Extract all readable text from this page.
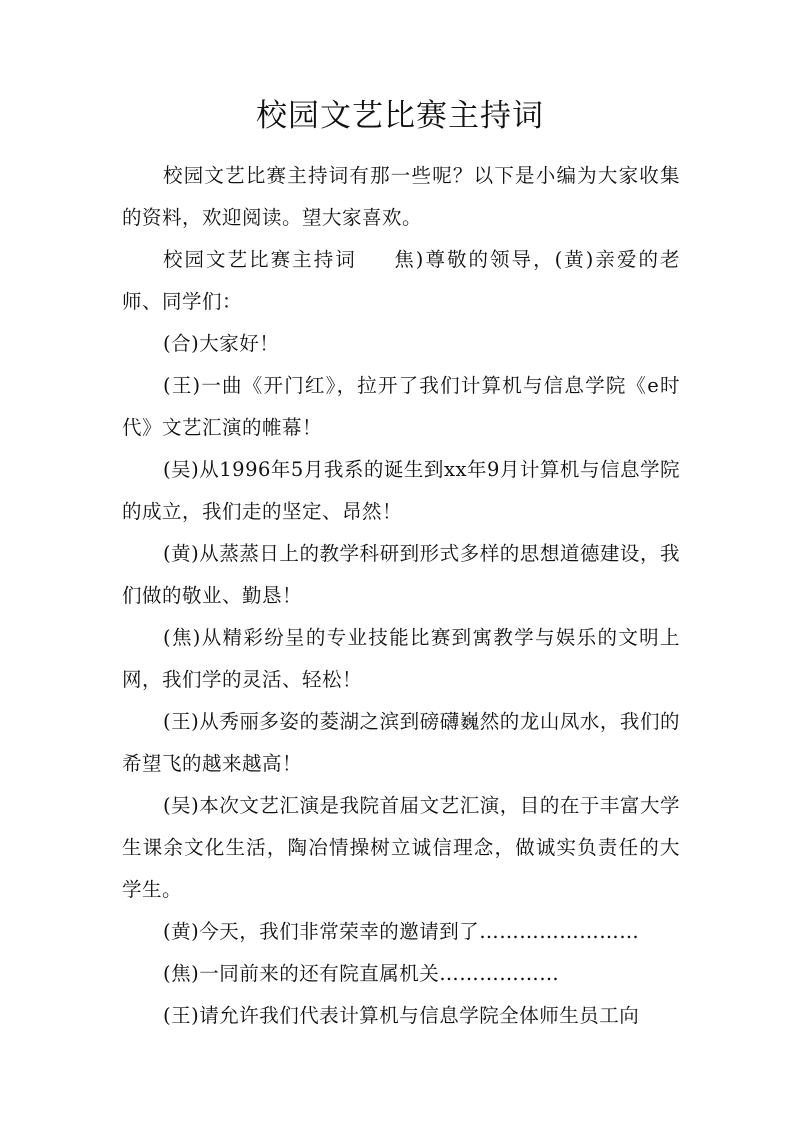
校园文艺比赛主持词

校园文艺比赛主持词有那一些呢？以下是小编为大家收集的资料，欢迎阅读。望大家喜欢。

校园文艺比赛主持词 焦)尊敬的领导，(黄)亲爱的老师、同学们：

(合)大家好！

(王)一曲《开门红》，拉开了我们计算机与信息学院《e时代》文艺汇演的帷幕！

(吴)从1996年5月我系的诞生到xx年9月计算机与信息学院的成立，我们走的坚定、昂然！

(黄)从蒸蒸日上的教学科研到形式多样的思想道德建设，我们做的敬业、勤恳！

(焦)从精彩纷呈的专业技能比赛到寓教学与娱乐的文明上网，我们学的灵活、轻松！

(王)从秀丽多姿的菱湖之滨到磅礴巍然的龙山凤水，我们的希望飞的越来越高！

(吴)本次文艺汇演是我院首届文艺汇演，目的在于丰富大学生课余文化生活，陶冶情操树立诚信理念，做诚实负责任的大学生。

(黄)今天，我们非常荣幸的邀请到了……………………

(焦)一同前来的还有院直属机关………………

(王)请允许我们代表计算机与信息学院全体师生员工向
